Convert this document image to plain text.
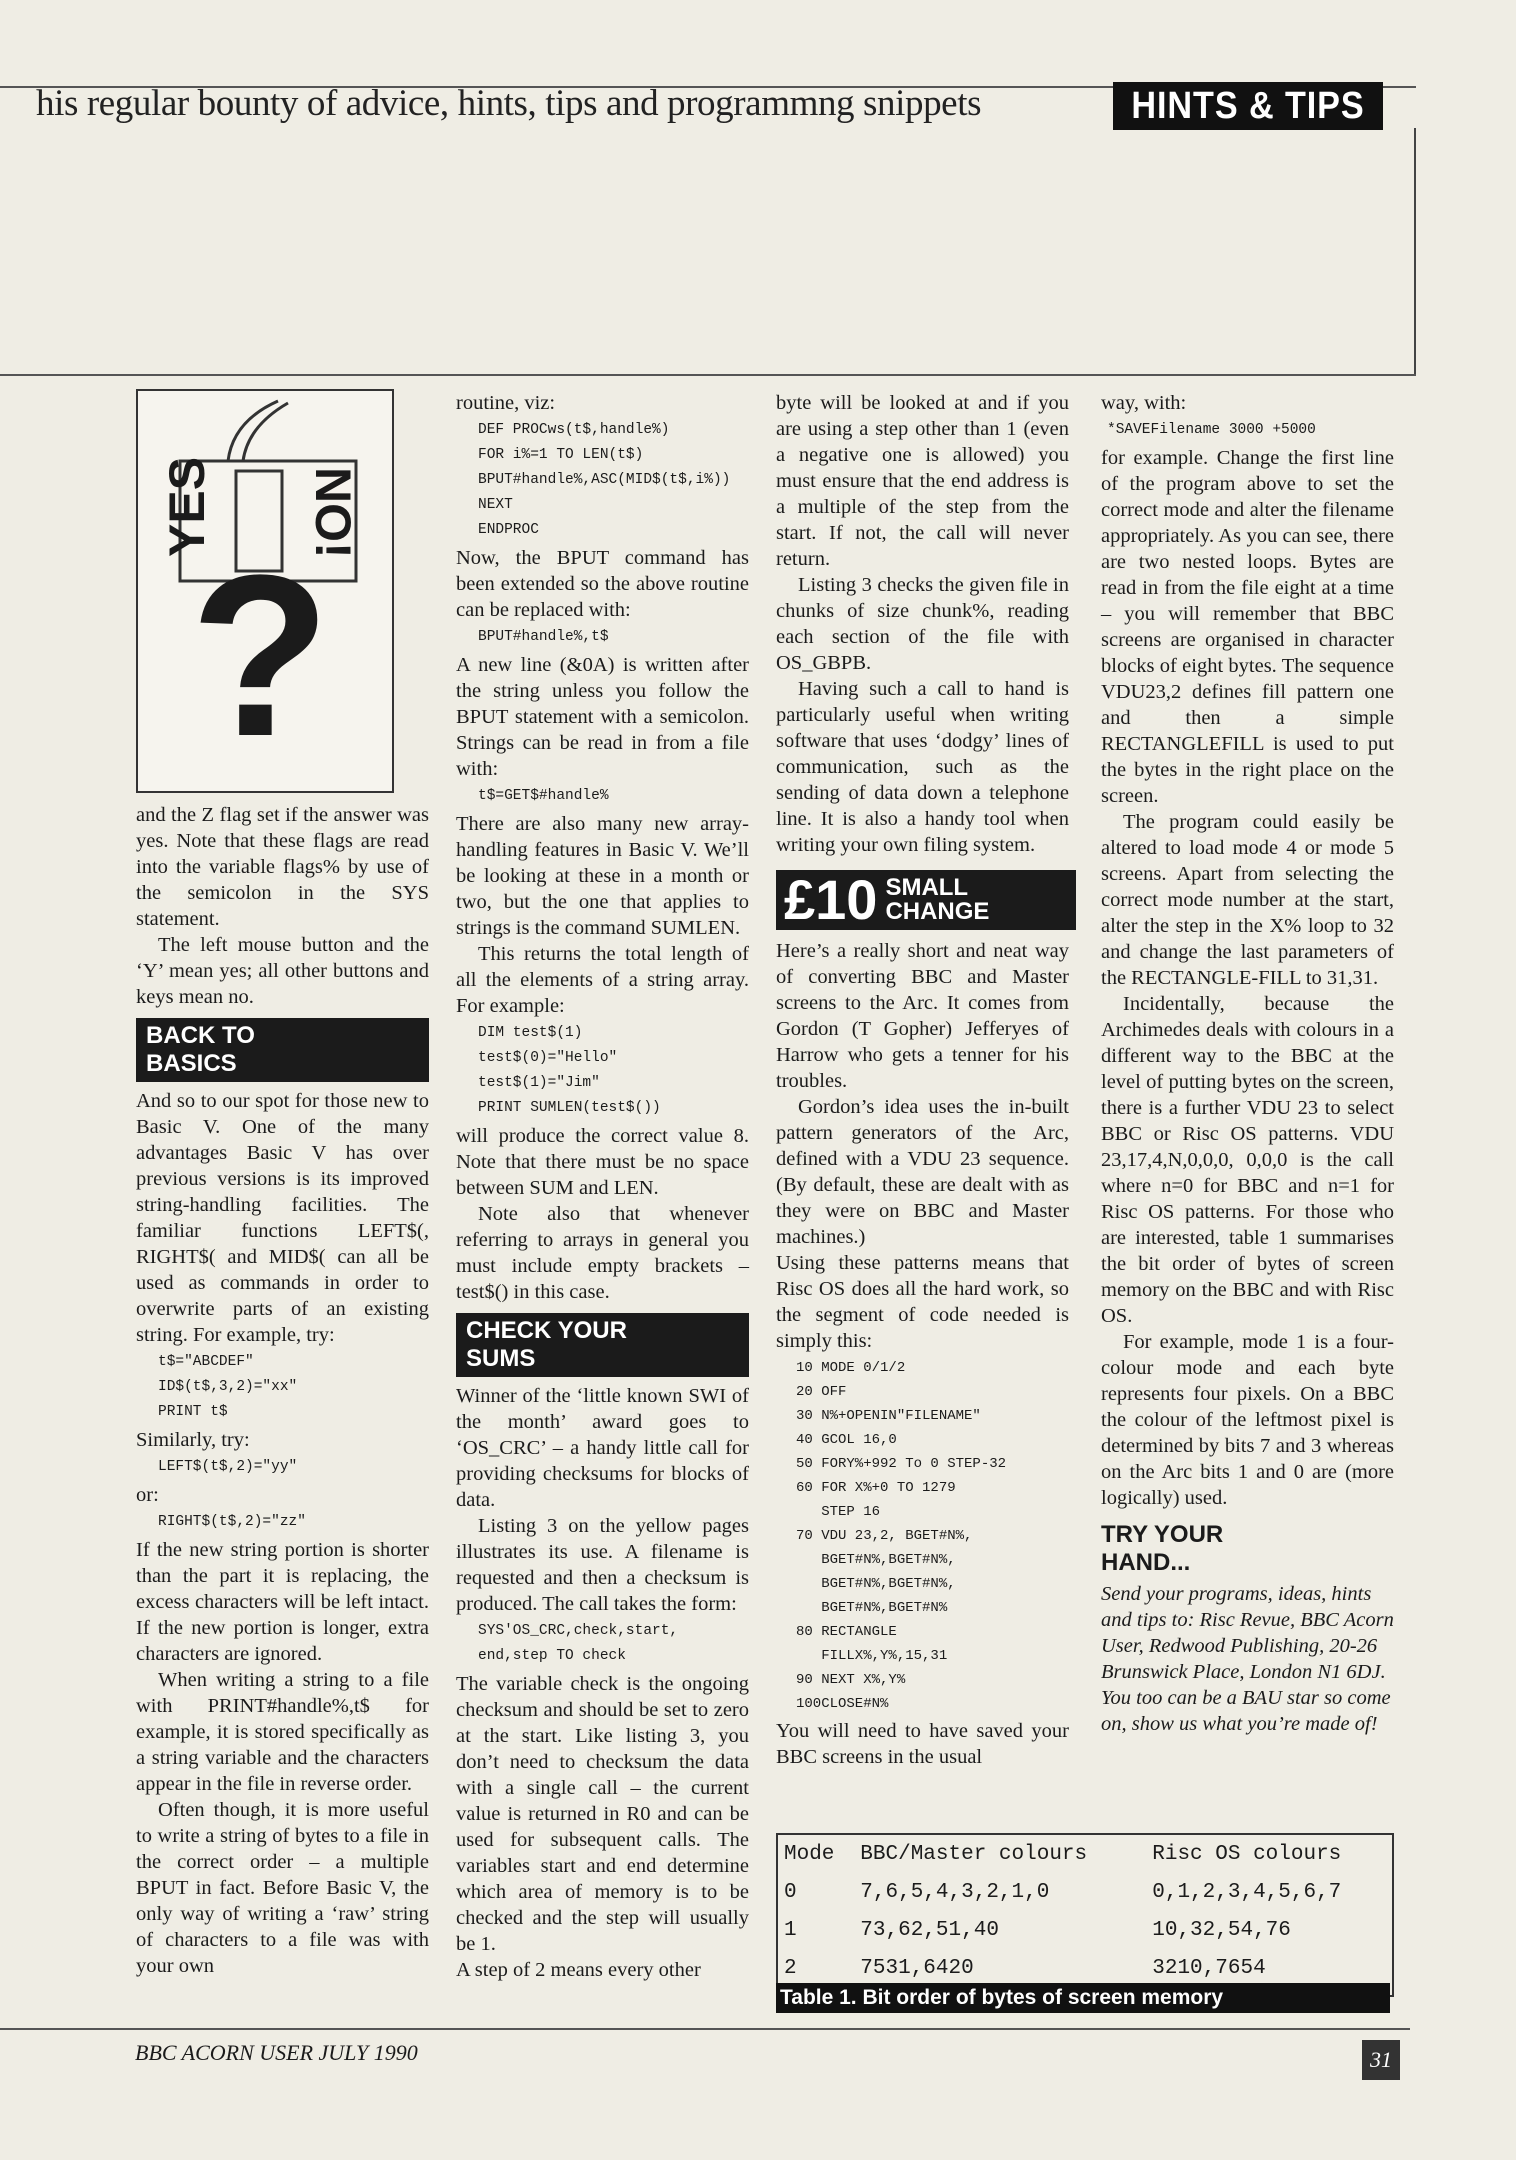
his regular bounty of advice, hints, tips and programmng snippets	HINTS & TIPS
YES NO!
?

and the Z flag set if the answer was yes. Note that these flags are read into the variable flags% by use of the semicolon in the SYS statement.

The left mouse button and the ‘Y’ mean yes; all other buttons and keys mean no.

BACK TO
BASICS

And so to our spot for those new to Basic V. One of the many advantages Basic V has over previous versions is its improved string-handling facilities. The familiar functions LEFT$(, RIGHT$( and MID$( can all be used as commands in order to overwrite parts of an existing string. For example, try:

t$="ABCDEF"
ID$(t$,3,2)="xx"
PRINT t$

Similarly, try:

LEFT$(t$,2)="yy"

or:

RIGHT$(t$,2)="zz"

If the new string portion is shorter than the part it is replacing, the excess characters will be left intact. If the new portion is longer, extra characters are ignored.

When writing a string to a file with PRINT#handle%,t$ for example, it is stored specifically as a string variable and the characters appear in the file in reverse order.

Often though, it is more useful to write a string of bytes to a file in the correct order – a multiple BPUT in fact. Before Basic V, the only way of writing a ‘raw’ string of characters to a file was with your own

routine, viz:

DEF PROCws(t$,handle%)
FOR i%=1 TO LEN(t$)
BPUT#handle%,ASC(MID$(t$,i%))
NEXT
ENDPROC

Now, the BPUT command has been extended so the above routine can be replaced with:

BPUT#handle%,t$

A new line (&0A) is written after the string unless you follow the BPUT statement with a semicolon. Strings can be read in from a file with:

t$=GET$#handle%

There are also many new array-handling features in Basic V. We’ll be looking at these in a month or two, but the one that applies to strings is the command SUMLEN.

This returns the total length of all the elements of a string array. For example:

DIM test$(1)
test$(0)="Hello"
test$(1)="Jim"
PRINT SUMLEN(test$())

will produce the correct value 8. Note that there must be no space between SUM and LEN.

Note also that whenever referring to arrays in general you must include empty brackets – test$() in this case.

CHECK YOUR
SUMS

Winner of the ‘little known SWI of the month’ award goes to ‘OS_CRC’ – a handy little call for providing checksums for blocks of data.

Listing 3 on the yellow pages illustrates its use. A filename is requested and then a checksum is produced. The call takes the form:

SYS'OS_CRC,check,start,
end,step TO check

The variable check is the ongoing checksum and should be set to zero at the start. Like listing 3, you don’t need to checksum the data with a single call – the current value is returned in R0 and can be used for subsequent calls. The variables start and end determine which area of memory is to be checked and the step will usually be 1.

A step of 2 means every other

byte will be looked at and if you are using a step other than 1 (even a negative one is allowed) you must ensure that the end address is a multiple of the step from the start. If not, the call will never return.

Listing 3 checks the given file in chunks of size chunk%, reading each section of the file with OS_GBPB.

Having such a call to hand is particularly useful when writing software that uses ‘dodgy’ lines of communication, such as the sending of data down a telephone line. It is also a handy tool when writing your own filing system.

£10 SMALL
CHANGE

Here’s a really short and neat way of converting BBC and Master screens to the Arc. It comes from Gordon (T Gopher) Jefferyes of Harrow who gets a tenner for his troubles.

Gordon’s idea uses the in-built pattern generators of the Arc, defined with a VDU 23 sequence. (By default, these are dealt with as they were on BBC and Master machines.)

Using these patterns means that Risc OS does all the hard work, so the segment of code needed is simply this:

10 MODE 0/1/2
20 OFF
30 N%+OPENIN"FILENAME"
40 GCOL 16,0
50 FORY%+992 To 0 STEP-32
60 FOR X%+0 TO 1279
STEP 16
70 VDU 23,2, BGET#N%,
BGET#N%,BGET#N%,
BGET#N%,BGET#N%,
BGET#N%,BGET#N%
80 RECTANGLE
FILLX%,Y%,15,31
90 NEXT X%,Y%
100CLOSE#N%

You will need to have saved your BBC screens in the usual

way, with:

*SAVEFilename 3000 +5000

for example. Change the first line of the program above to set the correct mode and alter the filename appropriately. As you can see, there are two nested loops. Bytes are read in from the file eight at a time – you will remember that BBC screens are organised in character blocks of eight bytes. The sequence VDU23,2 defines fill pattern one and then a simple RECTANGLEFILL is used to put the bytes in the right place on the screen.

The program could easily be altered to load mode 4 or mode 5 screens. Apart from selecting the correct mode number at the start, alter the step in the X% loop to 32 and change the last parameters of the RECTANGLE-FILL to 31,31.

Incidentally, because the Archimedes deals with colours in a different way to the BBC at the level of putting bytes on the screen, there is a further VDU 23 to select BBC or Risc OS patterns. VDU 23,17,4,N,0,0,0, 0,0,0 is the call where n=0 for BBC and n=1 for Risc OS patterns. For those who are interested, table 1 summarises the bit order of bytes of screen memory on the BBC and with Risc OS.

For example, mode 1 is a four-colour mode and each byte represents four pixels. On a BBC the colour of the leftmost pixel is determined by bits 7 and 3 whereas on the Arc bits 1 and 0 are (more logically) used.

TRY YOUR
HAND...

Send your programs, ideas, hints and tips to: Risc Revue, BBC Acorn User, Redwood Publishing, 20-26 Brunswick Place, London N1 6DJ. You too can be a BAU star so come on, show us what you’re made of!

Mode	BBC/Master colours	Risc OS colours
0	7,6,5,4,3,2,1,0	0,1,2,3,4,5,6,7
1	73,62,51,40	10,32,54,76
2	7531,6420	3210,7654
Table 1. Bit order of bytes of screen memory
BBC ACORN USER JULY 1990	31
